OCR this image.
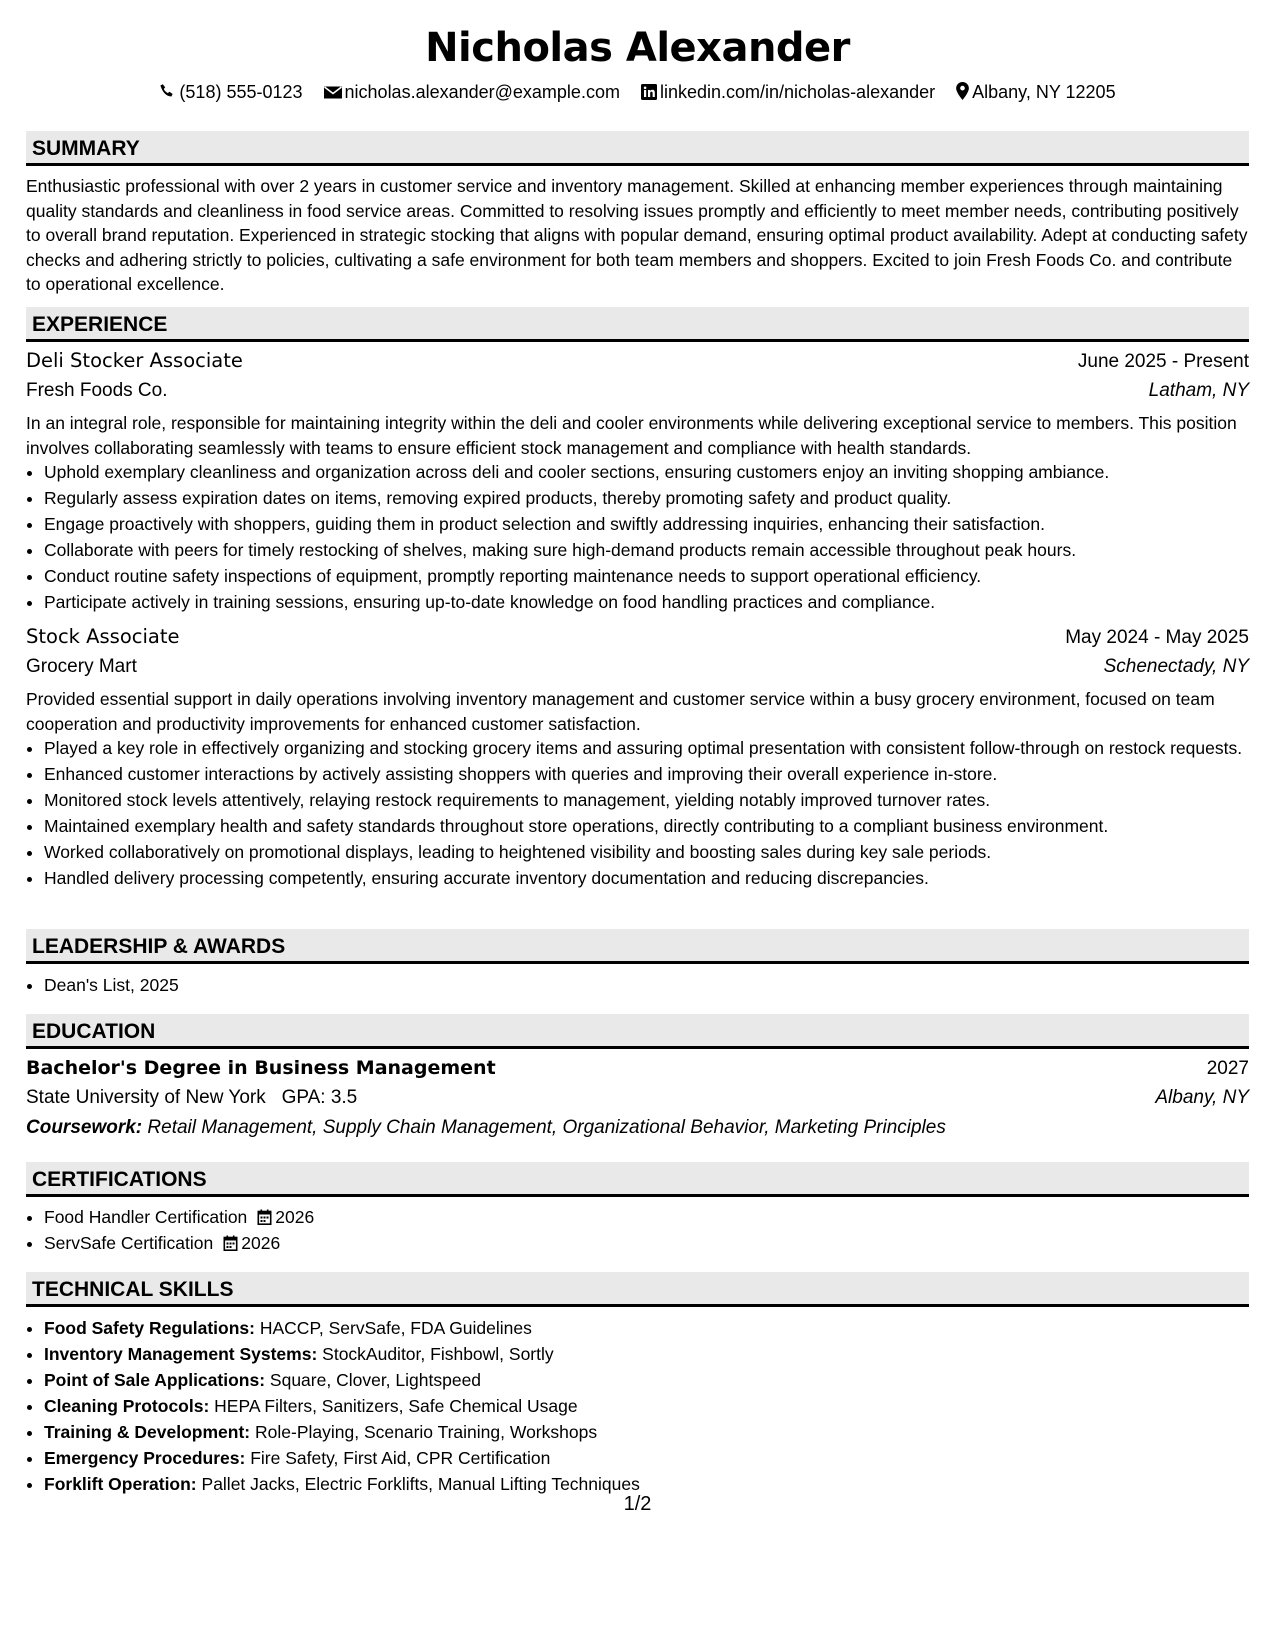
Nicholas Alexander
(518) 555-0123 nicholas.alexander@example.com linkedin.com/in/nicholas-alexander Albany, NY 12205
SUMMARY

Enthusiastic professional with over 2 years in customer service and inventory management. Skilled at enhancing member experiences through maintaining quality standards and cleanliness in food service areas. Committed to resolving issues promptly and efficiently to meet member needs, contributing positively to overall brand reputation. Experienced in strategic stocking that aligns with popular demand, ensuring optimal product availability. Adept at conducting safety checks and adhering strictly to policies, cultivating a safe environment for both team members and shoppers. Excited to join Fresh Foods Co. and contribute to operational excellence.

EXPERIENCE
Deli Stocker Associate	June 2025 - Present
Fresh Foods Co.	Latham, NY

In an integral role, responsible for maintaining integrity within the deli and cooler environments while delivering exceptional service to members. This position involves collaborating seamlessly with teams to ensure efficient stock management and compliance with health standards.

• Uphold exemplary cleanliness and organization across deli and cooler sections, ensuring customers enjoy an inviting shopping ambiance.
• Regularly assess expiration dates on items, removing expired products, thereby promoting safety and product quality.
• Engage proactively with shoppers, guiding them in product selection and swiftly addressing inquiries, enhancing their satisfaction.
• Collaborate with peers for timely restocking of shelves, making sure high-demand products remain accessible throughout peak hours.
• Conduct routine safety inspections of equipment, promptly reporting maintenance needs to support operational efficiency.
• Participate actively in training sessions, ensuring up-to-date knowledge on food handling practices and compliance.
Stock Associate	May 2024 - May 2025
Grocery Mart	Schenectady, NY

Provided essential support in daily operations involving inventory management and customer service within a busy grocery environment, focused on team cooperation and productivity improvements for enhanced customer satisfaction.

• Played a key role in effectively organizing and stocking grocery items and assuring optimal presentation with consistent follow-through on restock requests.
• Enhanced customer interactions by actively assisting shoppers with queries and improving their overall experience in-store.
• Monitored stock levels attentively, relaying restock requirements to management, yielding notably improved turnover rates.
• Maintained exemplary health and safety standards throughout store operations, directly contributing to a compliant business environment.
• Worked collaboratively on promotional displays, leading to heightened visibility and boosting sales during key sale periods.
• Handled delivery processing competently, ensuring accurate inventory documentation and reducing discrepancies.
LEADERSHIP & AWARDS
• Dean's List, 2025
EDUCATION
Bachelor's Degree in Business Management	2027
State University of New York GPA: 3.5	Albany, NY
Coursework: Retail Management, Supply Chain Management, Organizational Behavior, Marketing Principles
CERTIFICATIONS
• Food Handler Certification 2026
• ServSafe Certification 2026
TECHNICAL SKILLS
• Food Safety Regulations: HACCP, ServSafe, FDA Guidelines
• Inventory Management Systems: StockAuditor, Fishbowl, Sortly
• Point of Sale Applications: Square, Clover, Lightspeed
• Cleaning Protocols: HEPA Filters, Sanitizers, Safe Chemical Usage
• Training & Development: Role-Playing, Scenario Training, Workshops
• Emergency Procedures: Fire Safety, First Aid, CPR Certification
• Forklift Operation: Pallet Jacks, Electric Forklifts, Manual Lifting Techniques
1/2
